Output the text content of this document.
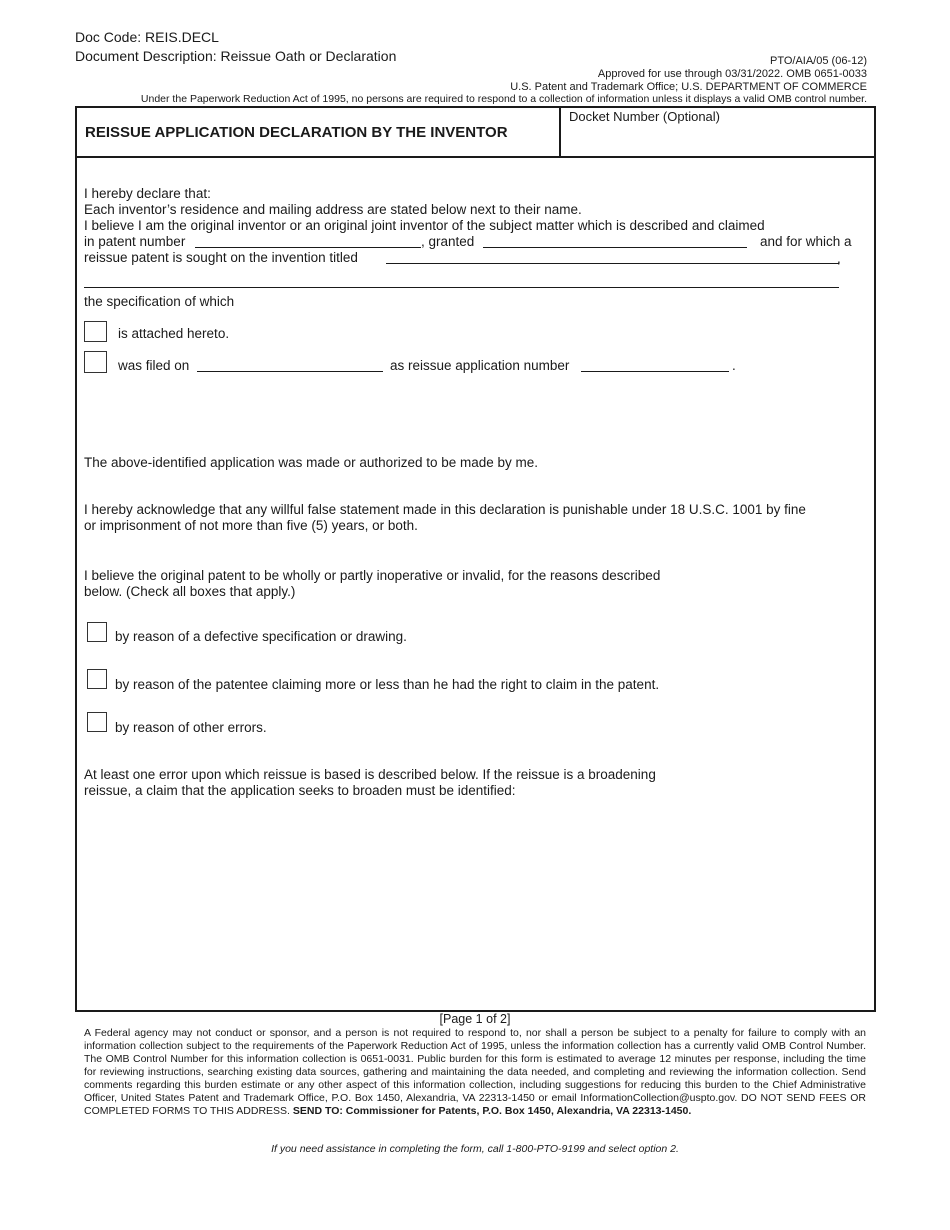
Doc Code: REIS.DECL
Document Description: Reissue Oath or Declaration	PTO/AIA/05 (06-12)
Approved for use through 03/31/2022. OMB 0651-0033
U.S. Patent and Trademark Office; U.S. DEPARTMENT OF COMMERCE
Under the Paperwork Reduction Act of 1995, no persons are required to respond to a collection of information unless it displays a valid OMB control number.
REISSUE APPLICATION DECLARATION BY THE INVENTOR
Docket Number (Optional)
I hereby declare that:
Each inventor’s residence and mailing address are stated below next to their name.
I believe I am the original inventor or an original joint inventor of the subject matter which is described and claimed
in patent number	, granted	and for which a
reissue patent is sought on the invention titled	,
the specification of which
is attached hereto.
was filed on	as reissue application number	.
The above-identified application was made or authorized to be made by me.
I hereby acknowledge that any willful false statement made in this declaration is punishable under 18 U.S.C. 1001 by fine
or imprisonment of not more than five (5) years, or both.
I believe the original patent to be wholly or partly inoperative or invalid, for the reasons described
below. (Check all boxes that apply.)
by reason of a defective specification or drawing.
by reason of the patentee claiming more or less than he had the right to claim in the patent.
by reason of other errors.
At least one error upon which reissue is based is described below. If the reissue is a broadening
reissue, a claim that the application seeks to broaden must be identified:
[Page 1 of 2]
A Federal agency may not conduct or sponsor, and a person is not required to respond to, nor shall a person be subject to a penalty for failure to comply with an information collection subject to the requirements of the Paperwork Reduction Act of 1995, unless the information collection has a currently valid OMB Control Number. The OMB Control Number for this information collection is 0651-0031. Public burden for this form is estimated to average 12 minutes per response, including the time for reviewing instructions, searching existing data sources, gathering and maintaining the data needed, and completing and reviewing the information collection. Send comments regarding this burden estimate or any other aspect of this information collection, including suggestions for reducing this burden to the Chief Administrative Officer, United States Patent and Trademark Office, P.O. Box 1450, Alexandria, VA 22313-1450 or email InformationCollection@uspto.gov. DO NOT SEND FEES OR COMPLETED FORMS TO THIS ADDRESS. SEND TO: Commissioner for Patents, P.O. Box 1450, Alexandria, VA 22313-1450.
If you need assistance in completing the form, call 1-800-PTO-9199 and select option 2.
